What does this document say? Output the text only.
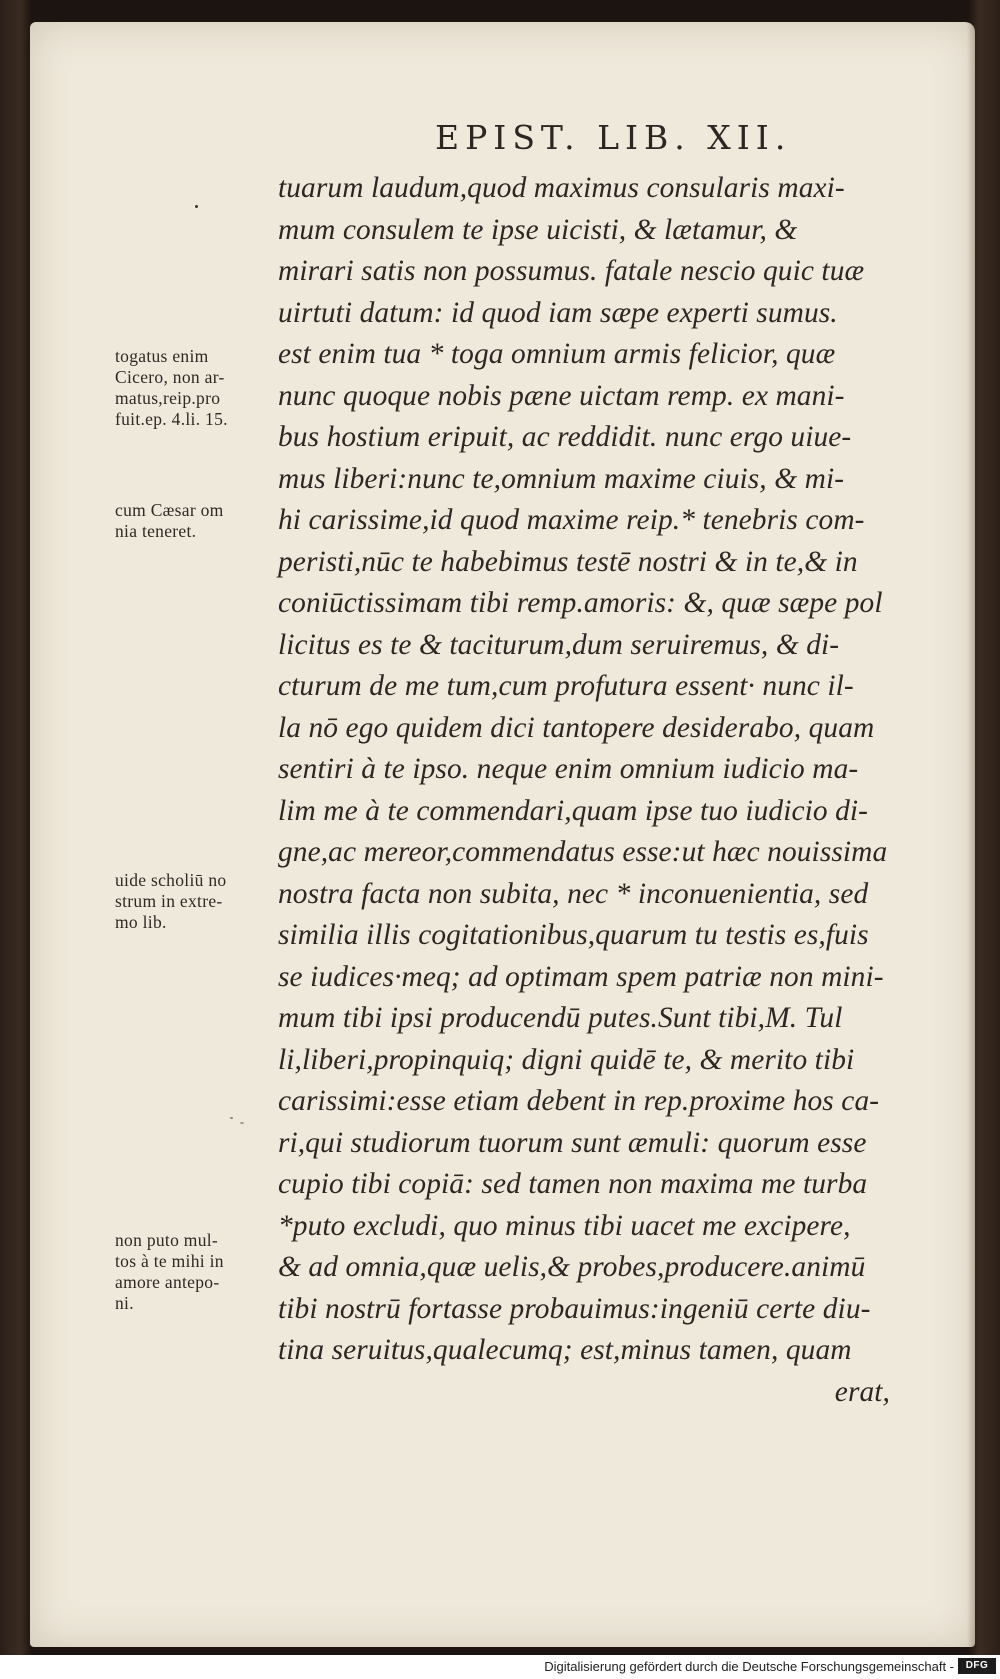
EPIST. LIB. XII.
tuarum laudum,quod maximus consularis maxi-
mum consulem te ipse uicisti, & lætamur, &
mirari satis non possumus. fatale nescio quic tuæ
uirtuti datum: id quod iam sæpe experti sumus.
est enim tua * toga omnium armis felicior, quæ
nunc quoque nobis pæne uictam remp. ex mani-
bus hostium eripuit, ac reddidit. nunc ergo uiue-
mus liberi:nunc te,omnium maxime ciuis, & mi-
hi carissime,id quod maxime reip.* tenebris com-
peristi,nūc te habebimus testē nostri & in te,& in
coniūctissimam tibi remp.amoris: &, quæ sæpe pol
licitus es te & taciturum,dum seruiremus, & di-
cturum de me tum,cum profutura essent· nunc il-
la nō ego quidem dici tantopere desiderabo, quam
sentiri à te ipso. neque enim omnium iudicio ma-
lim me à te commendari,quam ipse tuo iudicio di-
gne,ac mereor,commendatus esse:ut hæc nouissima
nostra facta non subita, nec * inconuenientia, sed
similia illis cogitationibus,quarum tu testis es,fuis
se iudices·meq; ad optimam spem patriæ non mini-
mum tibi ipsi producendū putes.Sunt tibi,M. Tul
li,liberi,propinquiq; digni quidē te, & merito tibi
carissimi:esse etiam debent in rep.proxime hos ca-
ri,qui studiorum tuorum sunt æmuli: quorum esse
cupio tibi copiā: sed tamen non maxima me turba
*puto excludi, quo minus tibi uacet me excipere,
& ad omnia,quæ uelis,& probes,producere.animū
tibi nostrū fortasse probauimus:ingeniū certe diu-
tina seruitus,qualecumq; est,minus tamen, quam
erat,
togatus enim
Cicero, non ar-
matus,reip.pro
fuit.ep. 4.li. 15.
cum Cæsar om
nia teneret.
uide scholiū no
strum in extre-
mo lib.
non puto mul-
tos à te mihi in
amore antepo-
ni.
Digitalisierung gefördert durch die Deutsche Forschungsgemeinschaft -	DFG
